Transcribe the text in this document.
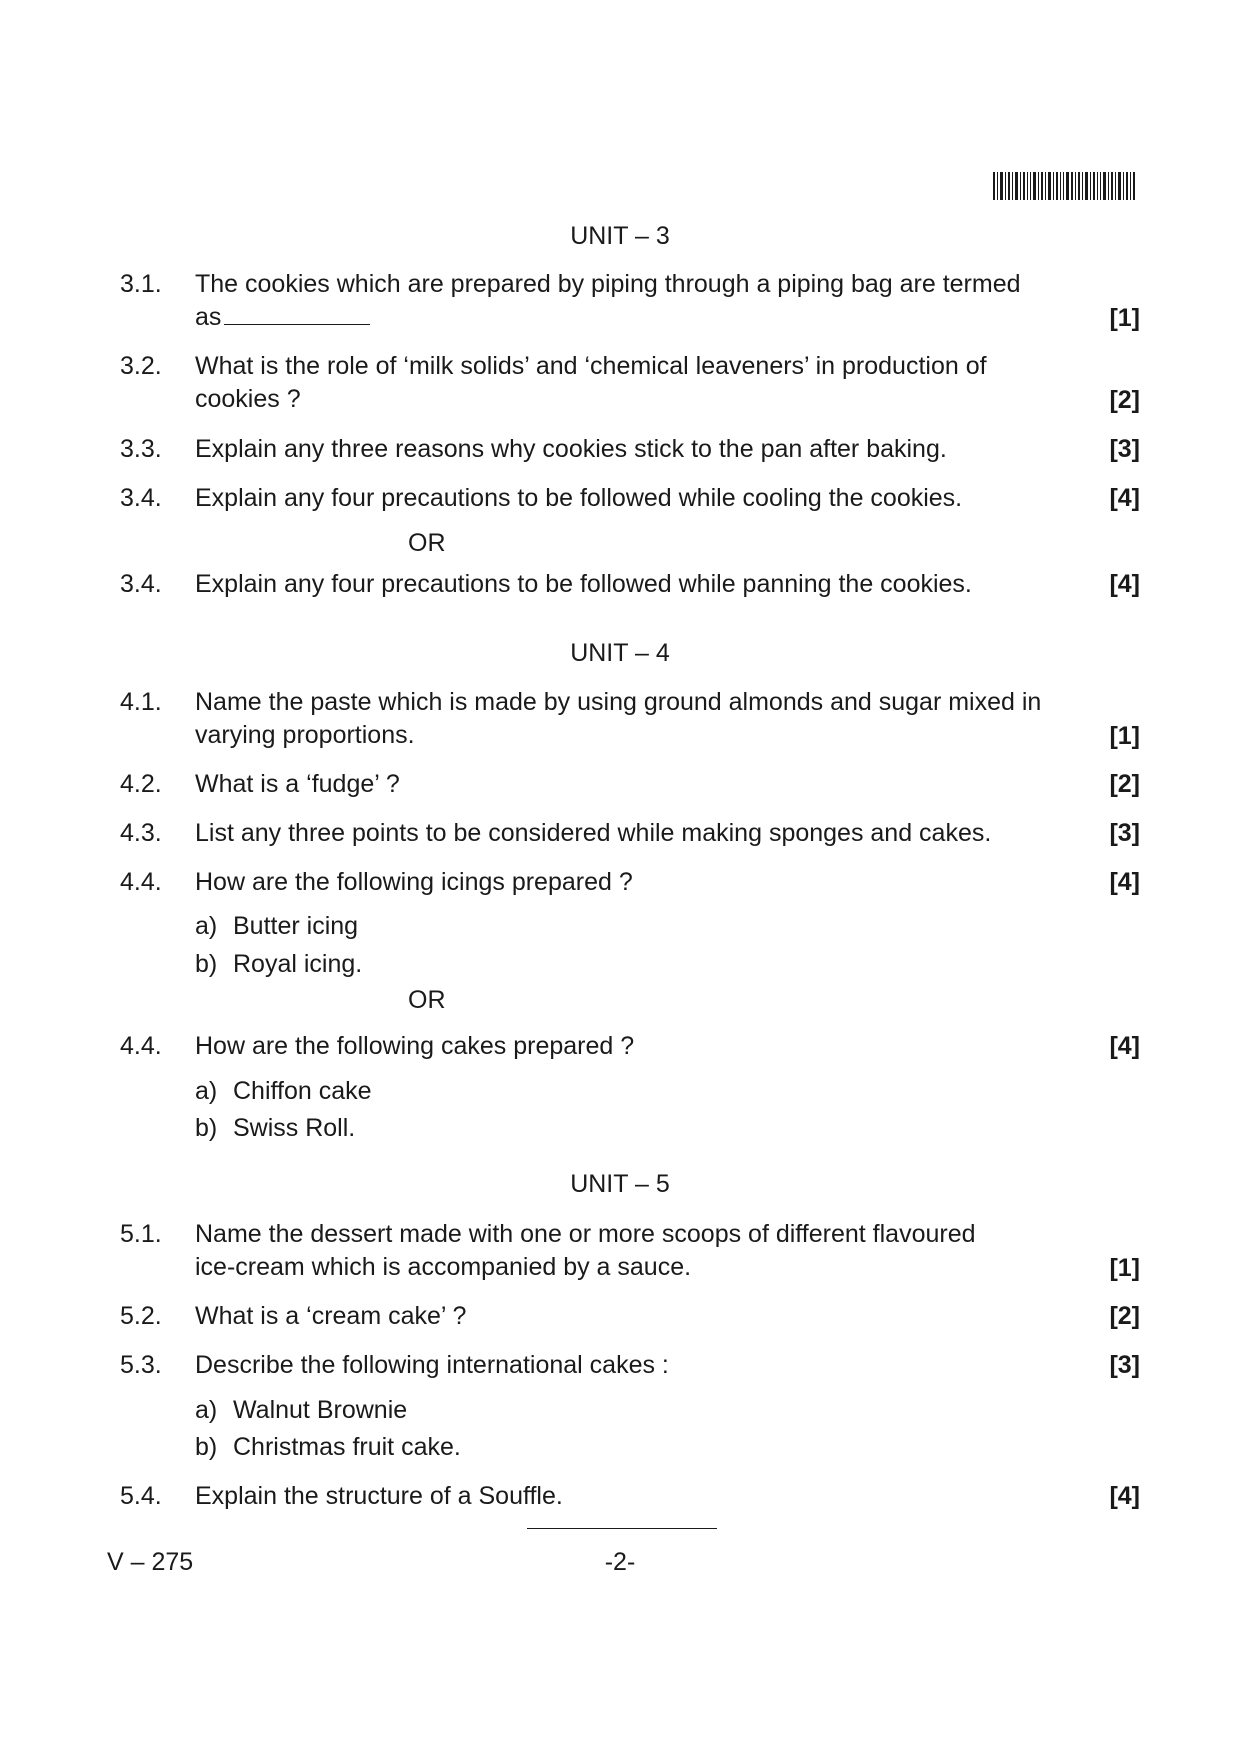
UNIT – 3
3.1. The cookies which are prepared by piping through a piping bag are termed
as	[1]
3.2. What is the role of ‘milk solids’ and ‘chemical leaveners’ in production of
cookies ?	[2]
3.3. Explain any three reasons why cookies stick to the pan after baking.	[3]
3.4. Explain any four precautions to be followed while cooling the cookies.	[4]
OR
3.4. Explain any four precautions to be followed while panning the cookies.	[4]
UNIT – 4
4.1. Name the paste which is made by using ground almonds and sugar mixed in
varying proportions.	[1]
4.2. What is a ‘fudge’ ?	[2]
4.3. List any three points to be considered while making sponges and cakes.	[3]
4.4. How are the following icings prepared ?	[4]
a) Butter icing
b) Royal icing.
OR
4.4. How are the following cakes prepared ?	[4]
a) Chiffon cake
b) Swiss Roll.
UNIT – 5
5.1. Name the dessert made with one or more scoops of different flavoured
ice-cream which is accompanied by a sauce.	[1]
5.2. What is a ‘cream cake’ ?	[2]
5.3. Describe the following international cakes :	[3]
a) Walnut Brownie
b) Christmas fruit cake.
5.4. Explain the structure of a Souffle.	[4]
V – 275	-2-
